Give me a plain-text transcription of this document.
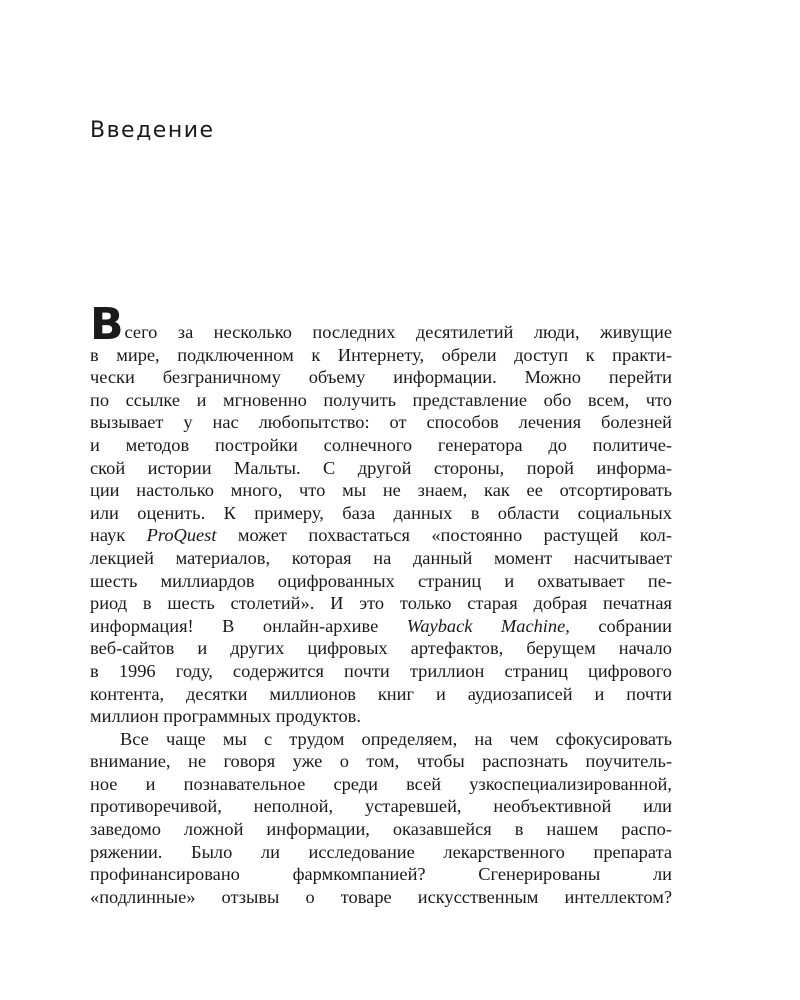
Введение
Всего за несколько последних десятилетий люди, живущие
в мире, подключенном к Интернету, обрели доступ к практи-
чески безграничному объему информации. Можно перейти
по ссылке и мгновенно получить представление обо всем, что
вызывает у нас любопытство: от способов лечения болезней
и методов постройки солнечного генератора до политиче-
ской истории Мальты. С другой стороны, порой информа-
ции настолько много, что мы не знаем, как ее отсортировать
или оценить. К примеру, база данных в области социальных
наук ProQuest может похвастаться «постоянно растущей кол-
лекцией материалов, которая на данный момент насчитывает
шесть миллиардов оцифрованных страниц и охватывает пе-
риод в шесть столетий». И это только старая добрая печатная
информация! В онлайн-архиве Wayback Machine, собрании
веб-сайтов и других цифровых артефактов, берущем начало
в 1996 году, содержится почти триллион страниц цифрового
контента, десятки миллионов книг и аудиозаписей и почти
миллион программных продуктов.
Все чаще мы с трудом определяем, на чем сфокусировать
внимание, не говоря уже о том, чтобы распознать поучитель-
ное и познавательное среди всей узкоспециализированной,
противоречивой, неполной, устаревшей, необъективной или
заведомо ложной информации, оказавшейся в нашем распо-
ряжении. Было ли исследование лекарственного препарата
профинансировано фармкомпанией? Сгенерированы ли
«подлинные» отзывы о товаре искусственным интеллектом?
